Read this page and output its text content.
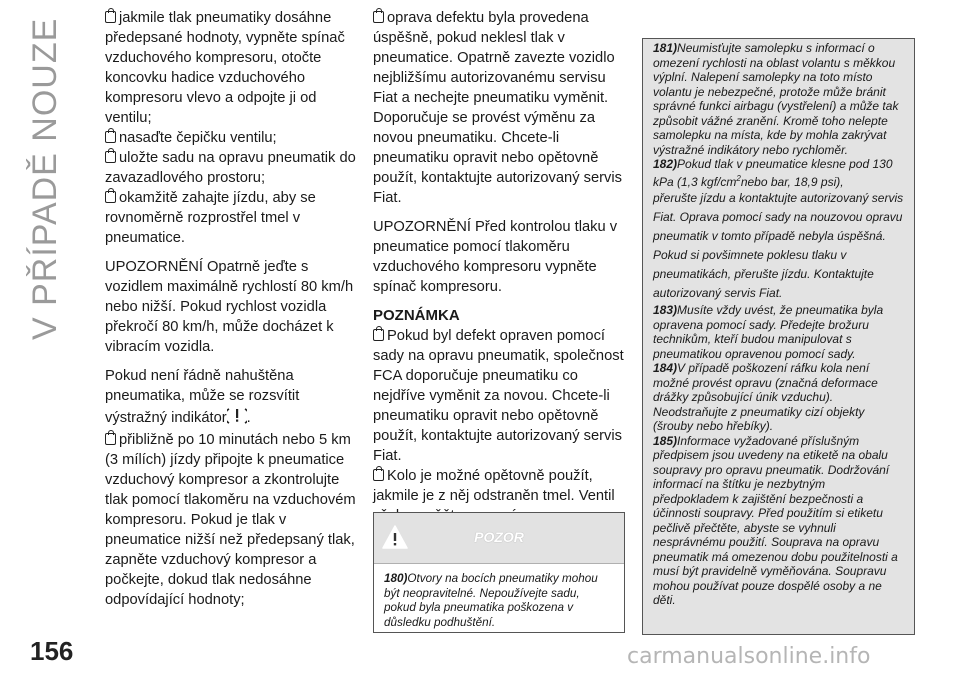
V PŘÍPADĚ NOUZE	jakmile tlak pneumatiky dosáhne předepsané hodnoty, vypněte spínač vzduchového kompresoru, otočte koncovku hadice vzduchového kompresoru vlevo a odpojte ji od ventilu;

nasaďte čepičku ventilu;

uložte sadu na opravu pneumatik do zavazadlového prostoru;

okamžitě zahajte jízdu, aby se rovnoměrně rozprostřel tmel v pneumatice.

UPOZORNĚNÍ Opatrně jeďte s vozidlem maximálně rychlostí 80 km/h nebo nižší. Pokud rychlost vozidla překročí 80 km/h, může docházet k vibracím vozidla.

Pokud není řádně nahuštěna pneumatika, může se rozsvítit výstražný indikátor .

přibližně po 10 minutách nebo 5 km (3 mílích) jízdy připojte k pneumatice vzduchový kompresor a zkontrolujte tlak pomocí tlakoměru na vzduchovém kompresoru. Pokud je tlak v pneumatice nižší než předepsaný tlak, zapněte vzduchový kompresor a počkejte, dokud tlak nedosáhne odpovídající hodnoty;

oprava defektu byla provedena úspěšně, pokud neklesl tlak v pneumatice. Opatrně zavezte vozidlo nejbližšímu autorizovanému servisu Fiat a nechejte pneumatiku vyměnit. Doporučuje se provést výměnu za novou pneumatiku. Chcete-li pneumatiku opravit nebo opětovně použít, kontaktujte autorizovaný servis Fiat.

UPOZORNĚNÍ Před kontrolou tlaku v pneumatice pomocí tlakoměru vzduchového kompresoru vypněte spínač kompresoru.

POZNÁMKA

Pokud byl defekt opraven pomocí sady na opravu pneumatik, společnost FCA doporučuje pneumatiku co nejdříve vyměnit za novou. Chcete-li pneumatiku opravit nebo opětovně použít, kontaktujte autorizovaný servis Fiat.

Kolo je možné opětovně použít, jakmile je z něj odstraněn tmel. Ventil

POZOR
180)Otvory na bocích pneumatiky mohou být neopravitelné. Nepoužívejte sadu, pokud byla pneumatika poškozena v důsledku podhuštění.

181)Neumisťujte samolepku s informací o omezení rychlosti na oblast volantu s měkkou výplní. Nalepení samolepky na toto místo volantu je nebezpečné, protože může bránit správné funkci airbagu (vystřelení) a může tak způsobit vážné zranění. Kromě toho nelepte samolepku na místa, kde by mohla zakrývat výstražné indikátory nebo rychloměr.

182)Pokud tlak v pneumatice klesne pod 130 kPa (1,3 kgf/$cm^2nebo$ bar, 18,9 psi),

přerušte jízdu a kontaktujte autorizovaný servis Fiat. Oprava pomocí sady na nouzovou opravu pneumatik v tomto případě nebyla úspěšná. Pokud si povšimnete poklesu tlaku v pneumatikách, přerušte jízdu. Kontaktujte autorizovaný servis Fiat.

183)Musíte vždy uvést, že pneumatika byla opravena pomocí sady. Předejte brožuru technikům, kteří budou manipulovat s pneumatikou opravenou pomocí sady.

184)V případě poškození ráfku kola není možné provést opravu (značná deformace drážky způsobující únik vzduchu). Neodstraňujte z pneumatiky cizí objekty (šrouby nebo hřebíky).

185)Informace vyžadované příslušným předpisem jsou uvedeny na etiketě na obalu soupravy pro opravu pneumatik. Dodržování informací na štítku je nezbytným předpokladem k zajištění bezpečnosti a účinnosti soupravy. Před použitím si etiketu pečlivě přečtěte, abyste se vyhnuli nesprávnému použití. Souprava na opravu pneumatik má omezenou dobu použitelnosti a musí být pravidelně vyměňována. Soupravu mohou používat pouze dospělé osoby a ne děti.

156	carmanualsonline.info
